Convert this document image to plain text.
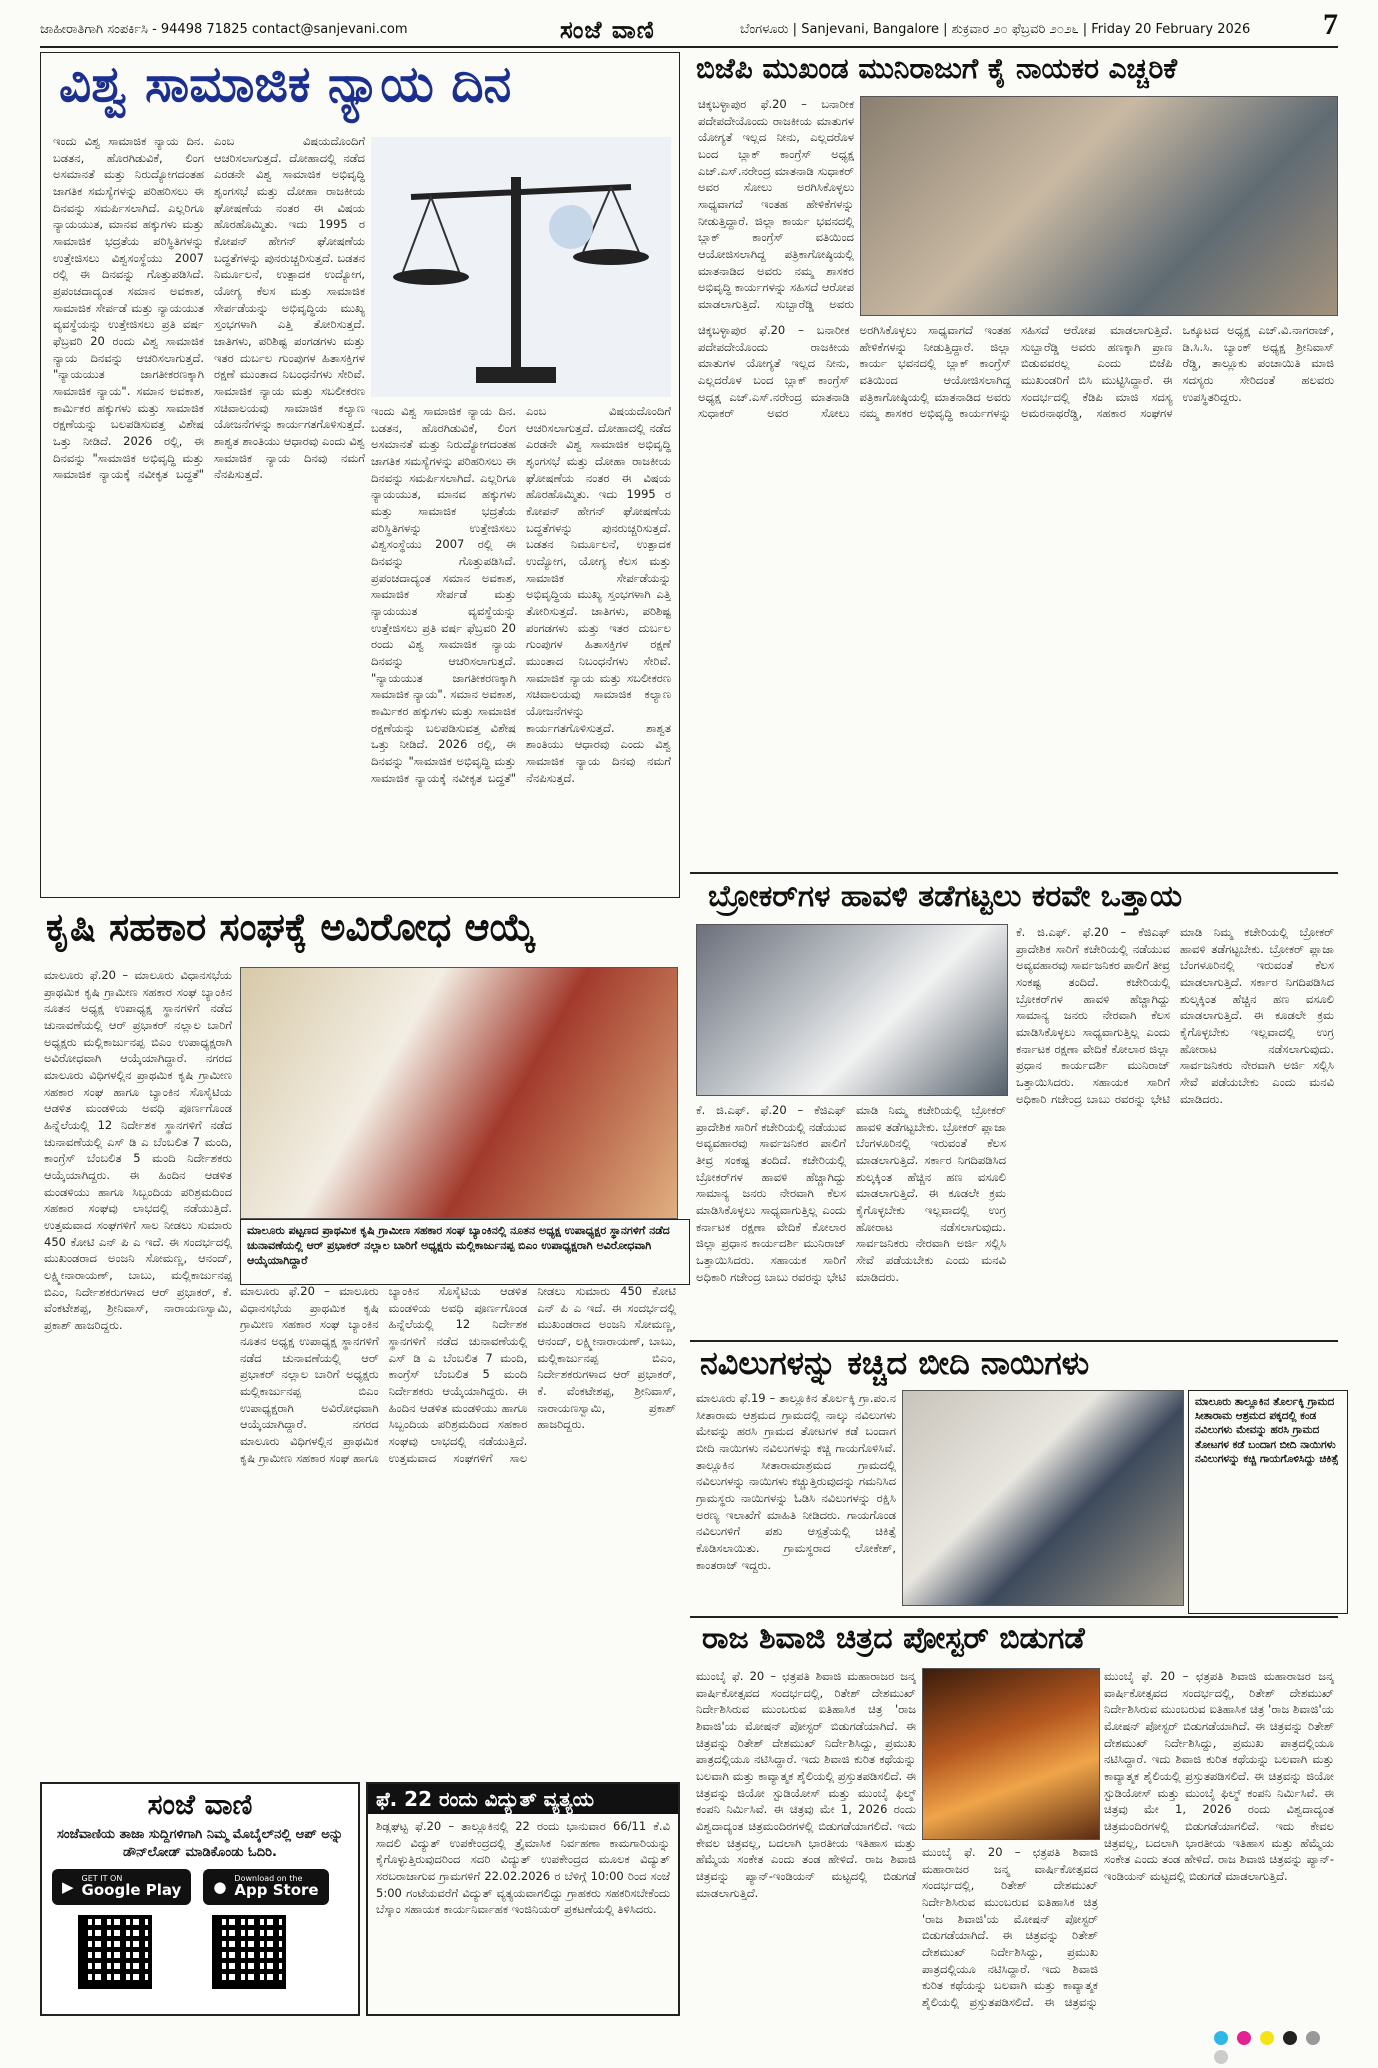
ಜಾಹೀರಾತಿಗಾಗಿ ಸಂಪರ್ಕಿಸಿ - 94498 71825 contact@sanjevani.com	ಸಂಜೆ ವಾಣಿ	ಬೆಂಗಳೂರು | Sanjevani, Bangalore | ಶುಕ್ರವಾರ ೨೦ ಫೆಬ್ರವರಿ ೨೦೨೬ | Friday 20 February 2026 7
ವಿಶ್ವ ಸಾಮಾಜಿಕ ನ್ಯಾಯ ದಿನ
ಇಂದು ವಿಶ್ವ ಸಾಮಾಜಿಕ ನ್ಯಾಯ ದಿನ. ಬಡತನ, ಹೊರಗಿಡುವಿಕೆ, ಲಿಂಗ ಅಸಮಾನತೆ ಮತ್ತು ನಿರುದ್ಯೋಗದಂತಹ ಜಾಗತಿಕ ಸಮಸ್ಯೆಗಳನ್ನು ಪರಿಹರಿಸಲು ಈ ದಿನವನ್ನು ಸಮರ್ಪಿಸಲಾಗಿದೆ. ಎಲ್ಲರಿಗೂ ನ್ಯಾಯಯುತ, ಮಾನವ ಹಕ್ಕುಗಳು ಮತ್ತು ಸಾಮಾಜಿಕ ಭದ್ರತೆಯ ಪರಿಸ್ಥಿತಿಗಳನ್ನು ಉತ್ತೇಜಿಸಲು ವಿಶ್ವಸಂಸ್ಥೆಯು 2007 ರಲ್ಲಿ ಈ ದಿನವನ್ನು ಗೊತ್ತುಪಡಿಸಿದೆ. ಪ್ರಪಂಚದಾದ್ಯಂತ ಸಮಾನ ಅವಕಾಶ, ಸಾಮಾಜಿಕ ಸೇರ್ಪಡೆ ಮತ್ತು ನ್ಯಾಯಯುತ ವ್ಯವಸ್ಥೆಯನ್ನು ಉತ್ತೇಜಿಸಲು ಪ್ರತಿ ವರ್ಷ ಫೆಬ್ರವರಿ 20 ರಂದು ವಿಶ್ವ ಸಾಮಾಜಿಕ ನ್ಯಾಯ ದಿನವನ್ನು ಆಚರಿಸಲಾಗುತ್ತದೆ. "ನ್ಯಾಯಯುತ ಜಾಗತೀಕರಣಕ್ಕಾಗಿ ಸಾಮಾಜಿಕ ನ್ಯಾಯ". ಸಮಾನ ಅವಕಾಶ, ಕಾರ್ಮಿಕರ ಹಕ್ಕುಗಳು ಮತ್ತು ಸಾಮಾಜಿಕ ರಕ್ಷಣೆಯನ್ನು ಬಲಪಡಿಸುವತ್ತ ವಿಶೇಷ ಒತ್ತು ನೀಡಿದೆ. 2026 ರಲ್ಲಿ, ಈ ದಿನವನ್ನು "ಸಾಮಾಜಿಕ ಅಭಿವೃದ್ಧಿ ಮತ್ತು ಸಾಮಾಜಿಕ ನ್ಯಾಯಕ್ಕೆ ನವೀಕೃತ ಬದ್ಧತೆ" ಎಂಬ ವಿಷಯದೊಂದಿಗೆ ಆಚರಿಸಲಾಗುತ್ತದೆ. ದೋಹಾದಲ್ಲಿ ನಡೆದ ಎರಡನೇ ವಿಶ್ವ ಸಾಮಾಜಿಕ ಅಭಿವೃದ್ಧಿ ಶೃಂಗಸಭೆ ಮತ್ತು ದೋಹಾ ರಾಜಕೀಯ ಘೋಷಣೆಯ ನಂತರ ಈ ವಿಷಯ ಹೊರಹೊಮ್ಮಿತು. ಇದು 1995 ರ ಕೋಪನ್ ಹೇಗನ್ ಘೋಷಣೆಯ ಬದ್ಧತೆಗಳನ್ನು ಪುನರುಚ್ಚರಿಸುತ್ತದೆ. ಬಡತನ ನಿರ್ಮೂಲನೆ, ಉತ್ಪಾದಕ ಉದ್ಯೋಗ, ಯೋಗ್ಯ ಕೆಲಸ ಮತ್ತು ಸಾಮಾಜಿಕ ಸೇರ್ಪಡೆಯನ್ನು ಅಭಿವೃದ್ಧಿಯ ಮುಖ್ಯ ಸ್ತಂಭಗಳಾಗಿ ಎತ್ತಿ ತೋರಿಸುತ್ತದೆ. ಜಾತಿಗಳು, ಪರಿಶಿಷ್ಟ ಪಂಗಡಗಳು ಮತ್ತು ಇತರ ದುರ್ಬಲ ಗುಂಪುಗಳ ಹಿತಾಸಕ್ತಿಗಳ ರಕ್ಷಣೆ ಮುಂತಾದ ನಿಬಂಧನೆಗಳು ಸೇರಿವೆ. ಸಾಮಾಜಿಕ ನ್ಯಾಯ ಮತ್ತು ಸಬಲೀಕರಣ ಸಚಿವಾಲಯವು ಸಾಮಾಜಿಕ ಕಲ್ಯಾಣ ಯೋಜನೆಗಳನ್ನು ಕಾರ್ಯಗತಗೊಳಿಸುತ್ತದೆ. ಶಾಶ್ವತ ಶಾಂತಿಯು ಆಧಾರವು ಎಂದು ವಿಶ್ವ ಸಾಮಾಜಿಕ ನ್ಯಾಯ ದಿನವು ನಮಗೆ ನೆನಪಿಸುತ್ತದೆ.
ಇಂದು ವಿಶ್ವ ಸಾಮಾಜಿಕ ನ್ಯಾಯ ದಿನ. ಬಡತನ, ಹೊರಗಿಡುವಿಕೆ, ಲಿಂಗ ಅಸಮಾನತೆ ಮತ್ತು ನಿರುದ್ಯೋಗದಂತಹ ಜಾಗತಿಕ ಸಮಸ್ಯೆಗಳನ್ನು ಪರಿಹರಿಸಲು ಈ ದಿನವನ್ನು ಸಮರ್ಪಿಸಲಾಗಿದೆ. ಎಲ್ಲರಿಗೂ ನ್ಯಾಯಯುತ, ಮಾನವ ಹಕ್ಕುಗಳು ಮತ್ತು ಸಾಮಾಜಿಕ ಭದ್ರತೆಯ ಪರಿಸ್ಥಿತಿಗಳನ್ನು ಉತ್ತೇಜಿಸಲು ವಿಶ್ವಸಂಸ್ಥೆಯು 2007 ರಲ್ಲಿ ಈ ದಿನವನ್ನು ಗೊತ್ತುಪಡಿಸಿದೆ. ಪ್ರಪಂಚದಾದ್ಯಂತ ಸಮಾನ ಅವಕಾಶ, ಸಾಮಾಜಿಕ ಸೇರ್ಪಡೆ ಮತ್ತು ನ್ಯಾಯಯುತ ವ್ಯವಸ್ಥೆಯನ್ನು ಉತ್ತೇಜಿಸಲು ಪ್ರತಿ ವರ್ಷ ಫೆಬ್ರವರಿ 20 ರಂದು ವಿಶ್ವ ಸಾಮಾಜಿಕ ನ್ಯಾಯ ದಿನವನ್ನು ಆಚರಿಸಲಾಗುತ್ತದೆ. "ನ್ಯಾಯಯುತ ಜಾಗತೀಕರಣಕ್ಕಾಗಿ ಸಾಮಾಜಿಕ ನ್ಯಾಯ". ಸಮಾನ ಅವಕಾಶ, ಕಾರ್ಮಿಕರ ಹಕ್ಕುಗಳು ಮತ್ತು ಸಾಮಾಜಿಕ ರಕ್ಷಣೆಯನ್ನು ಬಲಪಡಿಸುವತ್ತ ವಿಶೇಷ ಒತ್ತು ನೀಡಿದೆ. 2026 ರಲ್ಲಿ, ಈ ದಿನವನ್ನು "ಸಾಮಾಜಿಕ ಅಭಿವೃದ್ಧಿ ಮತ್ತು ಸಾಮಾಜಿಕ ನ್ಯಾಯಕ್ಕೆ ನವೀಕೃತ ಬದ್ಧತೆ" ಎಂಬ ವಿಷಯದೊಂದಿಗೆ ಆಚರಿಸಲಾಗುತ್ತದೆ. ದೋಹಾದಲ್ಲಿ ನಡೆದ ಎರಡನೇ ವಿಶ್ವ ಸಾಮಾಜಿಕ ಅಭಿವೃದ್ಧಿ ಶೃಂಗಸಭೆ ಮತ್ತು ದೋಹಾ ರಾಜಕೀಯ ಘೋಷಣೆಯ ನಂತರ ಈ ವಿಷಯ ಹೊರಹೊಮ್ಮಿತು. ಇದು 1995 ರ ಕೋಪನ್ ಹೇಗನ್ ಘೋಷಣೆಯ ಬದ್ಧತೆಗಳನ್ನು ಪುನರುಚ್ಚರಿಸುತ್ತದೆ. ಬಡತನ ನಿರ್ಮೂಲನೆ, ಉತ್ಪಾದಕ ಉದ್ಯೋಗ, ಯೋಗ್ಯ ಕೆಲಸ ಮತ್ತು ಸಾಮಾಜಿಕ ಸೇರ್ಪಡೆಯನ್ನು ಅಭಿವೃದ್ಧಿಯ ಮುಖ್ಯ ಸ್ತಂಭಗಳಾಗಿ ಎತ್ತಿ ತೋರಿಸುತ್ತದೆ. ಜಾತಿಗಳು, ಪರಿಶಿಷ್ಟ ಪಂಗಡಗಳು ಮತ್ತು ಇತರ ದುರ್ಬಲ ಗುಂಪುಗಳ ಹಿತಾಸಕ್ತಿಗಳ ರಕ್ಷಣೆ ಮುಂತಾದ ನಿಬಂಧನೆಗಳು ಸೇರಿವೆ. ಸಾಮಾಜಿಕ ನ್ಯಾಯ ಮತ್ತು ಸಬಲೀಕರಣ ಸಚಿವಾಲಯವು ಸಾಮಾಜಿಕ ಕಲ್ಯಾಣ ಯೋಜನೆಗಳನ್ನು ಕಾರ್ಯಗತಗೊಳಿಸುತ್ತದೆ. ಶಾಶ್ವತ ಶಾಂತಿಯು ಆಧಾರವು ಎಂದು ವಿಶ್ವ ಸಾಮಾಜಿಕ ನ್ಯಾಯ ದಿನವು ನಮಗೆ ನೆನಪಿಸುತ್ತದೆ.
ಬಿಜೆಪಿ ಮುಖಂಡ ಮುನಿರಾಜುಗೆ ಕೈ ನಾಯಕರ ಎಚ್ಚರಿಕೆ
ಚಿಕ್ಕಬಳ್ಳಾಪುರ ಫೆ.20 – ಬನಾರೀಕ ಪದೇಪದೇಯೊಂದು ರಾಜಕೀಯ ಮಾತುಗಳ ಯೋಗ್ಯತೆ ಇಲ್ಲದ ನೀನು, ಎಲ್ಲದರೊಳ ಬಂದ ಬ್ಲಾಕ್ ಕಾಂಗ್ರೆಸ್ ಅಧ್ಯಕ್ಷ ಎಚ್.ಎಸ್.ನರೇಂದ್ರ ಮಾತನಾಡಿ ಸುಧಾಕರ್ ಅವರ ಸೋಲು ಅರಗಿಸಿಕೊಳ್ಳಲು ಸಾಧ್ಯವಾಗದೆ ಇಂತಹ ಹೇಳಿಕೆಗಳನ್ನು ನೀಡುತ್ತಿದ್ದಾರೆ. ಜಿಲ್ಲಾ ಕಾರ್ಯ ಭವನದಲ್ಲಿ ಬ್ಲಾಕ್ ಕಾಂಗ್ರೆಸ್ ವತಿಯಿಂದ ಆಯೋಜಿಸಲಾಗಿದ್ದ ಪತ್ರಿಕಾಗೋಷ್ಠಿಯಲ್ಲಿ ಮಾತನಾಡಿದ ಅವರು ನಮ್ಮ ಶಾಸಕರ ಅಭಿವೃದ್ಧಿ ಕಾರ್ಯಗಳನ್ನು ಸಹಿಸದೆ ಆರೋಪ ಮಾಡಲಾಗುತ್ತಿದೆ. ಸುಬ್ಬಾರೆಡ್ಡಿ ಅವರು
ಚಿಕ್ಕಬಳ್ಳಾಪುರ ಫೆ.20 – ಬನಾರೀಕ ಪದೇಪದೇಯೊಂದು ರಾಜಕೀಯ ಮಾತುಗಳ ಯೋಗ್ಯತೆ ಇಲ್ಲದ ನೀನು, ಎಲ್ಲದರೊಳ ಬಂದ ಬ್ಲಾಕ್ ಕಾಂಗ್ರೆಸ್ ಅಧ್ಯಕ್ಷ ಎಚ್.ಎಸ್.ನರೇಂದ್ರ ಮಾತನಾಡಿ ಸುಧಾಕರ್ ಅವರ ಸೋಲು ಅರಗಿಸಿಕೊಳ್ಳಲು ಸಾಧ್ಯವಾಗದೆ ಇಂತಹ ಹೇಳಿಕೆಗಳನ್ನು ನೀಡುತ್ತಿದ್ದಾರೆ. ಜಿಲ್ಲಾ ಕಾರ್ಯ ಭವನದಲ್ಲಿ ಬ್ಲಾಕ್ ಕಾಂಗ್ರೆಸ್ ವತಿಯಿಂದ ಆಯೋಜಿಸಲಾಗಿದ್ದ ಪತ್ರಿಕಾಗೋಷ್ಠಿಯಲ್ಲಿ ಮಾತನಾಡಿದ ಅವರು ನಮ್ಮ ಶಾಸಕರ ಅಭಿವೃದ್ಧಿ ಕಾರ್ಯಗಳನ್ನು ಸಹಿಸದೆ ಆರೋಪ ಮಾಡಲಾಗುತ್ತಿದೆ. ಸುಬ್ಬಾರೆಡ್ಡಿ ಅವರು ಹಣಕ್ಕಾಗಿ ಪ್ರಾಣ ಬಿಡುವವರಲ್ಲ ಎಂದು ಬಿಜೆಪಿ ಮುಖಂಡರಿಗೆ ಬಿಸಿ ಮುಟ್ಟಿಸಿದ್ದಾರೆ. ಈ ಸಂದರ್ಭದಲ್ಲಿ ಕೆಡಿಪಿ ಮಾಜಿ ಸದಸ್ಯ ಅಮರನಾಥರೆಡ್ಡಿ, ಸಹಕಾರ ಸಂಘಗಳ ಒಕ್ಕೂಟದ ಅಧ್ಯಕ್ಷ ಎಚ್.ವಿ.ನಾಗರಾಜ್, ಡಿ.ಸಿ.ಸಿ. ಬ್ಯಾಂಕ್ ಅಧ್ಯಕ್ಷ ಶ್ರೀನಿವಾಸ್ ರೆಡ್ಡಿ, ತಾಲ್ಲೂಕು ಪಂಚಾಯಿತಿ ಮಾಜಿ ಸದಸ್ಯರು ಸೇರಿದಂತೆ ಹಲವರು ಉಪಸ್ಥಿತರಿದ್ದರು.
ಕೃಷಿ ಸಹಕಾರ ಸಂಘಕ್ಕೆ ಅವಿರೋಧ ಆಯ್ಕೆ
ಮಾಲೂರು ಫೆ.20 – ಮಾಲೂರು ವಿಧಾನಸಭೆಯ ಪ್ರಾಥಮಿಕ ಕೃಷಿ ಗ್ರಾಮೀಣ ಸಹಕಾರ ಸಂಘ ಬ್ಯಾಂಕಿನ ನೂತನ ಅಧ್ಯಕ್ಷ ಉಪಾಧ್ಯಕ್ಷ ಸ್ಥಾನಗಳಿಗೆ ನಡೆದ ಚುನಾವಣೆಯಲ್ಲಿ ಆರ್ ಪ್ರಭಾಕರ್ ನಲ್ಲಾಲ ಬಾರಿಗೆ ಅಧ್ಯಕ್ಷರು ಮಲ್ಲಿಕಾರ್ಜುನಪ್ಪ ಬಿಎಂ ಉಪಾಧ್ಯಕ್ಷರಾಗಿ ಅವಿರೋಧವಾಗಿ ಆಯ್ಕೆಯಾಗಿದ್ದಾರೆ. ನಗರದ ಮಾಲೂರು ವಿಧಿಗಳಲ್ಲಿನ ಪ್ರಾಥಮಿಕ ಕೃಷಿ ಗ್ರಾಮೀಣ ಸಹಕಾರ ಸಂಘ ಹಾಗೂ ಬ್ಯಾಂಕಿನ ಸೊಸೈಟಿಯ ಆಡಳಿತ ಮಂಡಳಿಯ ಅವಧಿ ಪೂರ್ಣಗೊಂಡ ಹಿನ್ನೆಲೆಯಲ್ಲಿ 12 ನಿರ್ದೇಶಕ ಸ್ಥಾನಗಳಿಗೆ ನಡೆದ ಚುನಾವಣೆಯಲ್ಲಿ ಎಸ್ ಡಿ ಎ ಬೆಂಬಲಿತ 7 ಮಂದಿ, ಕಾಂಗ್ರೆಸ್ ಬೆಂಬಲಿತ 5 ಮಂದಿ ನಿರ್ದೇಶಕರು ಆಯ್ಕೆಯಾಗಿದ್ದರು. ಈ ಹಿಂದಿನ ಆಡಳಿತ ಮಂಡಳಿಯು ಹಾಗೂ ಸಿಬ್ಬಂದಿಯ ಪರಿಶ್ರಮದಿಂದ ಸಹಕಾರ ಸಂಘವು ಲಾಭದಲ್ಲಿ ನಡೆಯುತ್ತಿದೆ. ಉತ್ತಮವಾದ ಸಂಘಗಳಿಗೆ ಸಾಲ ನೀಡಲು ಸುಮಾರು 450 ಕೋಟಿ ಎನ್ ಪಿ ಎ ಇದೆ. ಈ ಸಂದರ್ಭದಲ್ಲಿ ಮುಖಂಡರಾದ ಅಂಜನಿ ಸೋಮಣ್ಣ, ಆನಂದ್, ಲಕ್ಷ್ಮೀನಾರಾಯಣ್, ಬಾಬು, ಮಲ್ಲಿಕಾರ್ಜುನಪ್ಪ ಬಿಎಂ, ನಿರ್ದೇಶಕರುಗಳಾದ ಆರ್ ಪ್ರಭಾಕರ್, ಕೆ. ವೆಂಕಟೇಶಪ್ಪ, ಶ್ರೀನಿವಾಸ್, ನಾರಾಯಣಸ್ವಾಮಿ, ಪ್ರಕಾಶ್ ಹಾಜರಿದ್ದರು.
ಮಾಲೂರು ಪಟ್ಟಣದ ಪ್ರಾಥಮಿಕ ಕೃಷಿ ಗ್ರಾಮೀಣ ಸಹಕಾರ ಸಂಘ ಬ್ಯಾಂಕಿನಲ್ಲಿ ನೂತನ ಅಧ್ಯಕ್ಷ ಉಪಾಧ್ಯಕ್ಷರ ಸ್ಥಾನಗಳಿಗೆ ನಡೆದ ಚುನಾವಣೆಯಲ್ಲಿ ಆರ್ ಪ್ರಭಾಕರ್ ನಲ್ಲಾಲ ಬಾರಿಗೆ ಅಧ್ಯಕ್ಷರು ಮಲ್ಲಿಕಾರ್ಜುನಪ್ಪ ಬಿಎಂ ಉಪಾಧ್ಯಕ್ಷರಾಗಿ ಅವಿರೋಧವಾಗಿ ಆಯ್ಕೆಯಾಗಿದ್ದಾರೆ
ಮಾಲೂರು ಫೆ.20 – ಮಾಲೂರು ವಿಧಾನಸಭೆಯ ಪ್ರಾಥಮಿಕ ಕೃಷಿ ಗ್ರಾಮೀಣ ಸಹಕಾರ ಸಂಘ ಬ್ಯಾಂಕಿನ ನೂತನ ಅಧ್ಯಕ್ಷ ಉಪಾಧ್ಯಕ್ಷ ಸ್ಥಾನಗಳಿಗೆ ನಡೆದ ಚುನಾವಣೆಯಲ್ಲಿ ಆರ್ ಪ್ರಭಾಕರ್ ನಲ್ಲಾಲ ಬಾರಿಗೆ ಅಧ್ಯಕ್ಷರು ಮಲ್ಲಿಕಾರ್ಜುನಪ್ಪ ಬಿಎಂ ಉಪಾಧ್ಯಕ್ಷರಾಗಿ ಅವಿರೋಧವಾಗಿ ಆಯ್ಕೆಯಾಗಿದ್ದಾರೆ. ನಗರದ ಮಾಲೂರು ವಿಧಿಗಳಲ್ಲಿನ ಪ್ರಾಥಮಿಕ ಕೃಷಿ ಗ್ರಾಮೀಣ ಸಹಕಾರ ಸಂಘ ಹಾಗೂ ಬ್ಯಾಂಕಿನ ಸೊಸೈಟಿಯ ಆಡಳಿತ ಮಂಡಳಿಯ ಅವಧಿ ಪೂರ್ಣಗೊಂಡ ಹಿನ್ನೆಲೆಯಲ್ಲಿ 12 ನಿರ್ದೇಶಕ ಸ್ಥಾನಗಳಿಗೆ ನಡೆದ ಚುನಾವಣೆಯಲ್ಲಿ ಎಸ್ ಡಿ ಎ ಬೆಂಬಲಿತ 7 ಮಂದಿ, ಕಾಂಗ್ರೆಸ್ ಬೆಂಬಲಿತ 5 ಮಂದಿ ನಿರ್ದೇಶಕರು ಆಯ್ಕೆಯಾಗಿದ್ದರು. ಈ ಹಿಂದಿನ ಆಡಳಿತ ಮಂಡಳಿಯು ಹಾಗೂ ಸಿಬ್ಬಂದಿಯ ಪರಿಶ್ರಮದಿಂದ ಸಹಕಾರ ಸಂಘವು ಲಾಭದಲ್ಲಿ ನಡೆಯುತ್ತಿದೆ. ಉತ್ತಮವಾದ ಸಂಘಗಳಿಗೆ ಸಾಲ ನೀಡಲು ಸುಮಾರು 450 ಕೋಟಿ ಎನ್ ಪಿ ಎ ಇದೆ. ಈ ಸಂದರ್ಭದಲ್ಲಿ ಮುಖಂಡರಾದ ಅಂಜನಿ ಸೋಮಣ್ಣ, ಆನಂದ್, ಲಕ್ಷ್ಮೀನಾರಾಯಣ್, ಬಾಬು, ಮಲ್ಲಿಕಾರ್ಜುನಪ್ಪ ಬಿಎಂ, ನಿರ್ದೇಶಕರುಗಳಾದ ಆರ್ ಪ್ರಭಾಕರ್, ಕೆ. ವೆಂಕಟೇಶಪ್ಪ, ಶ್ರೀನಿವಾಸ್, ನಾರಾಯಣಸ್ವಾಮಿ, ಪ್ರಕಾಶ್ ಹಾಜರಿದ್ದರು.
ಬ್ರೋಕರ್‌ಗಳ ಹಾವಳಿ ತಡೆಗಟ್ಟಲು ಕರವೇ ಒತ್ತಾಯ
ಕೆ. ಜಿ.ಎಫ್. ಫೆ.20 – ಕೆಜಿಎಫ್ ಪ್ರಾದೇಶಿಕ ಸಾರಿಗೆ ಕಚೇರಿಯಲ್ಲಿ ನಡೆಯುವ ಅವ್ಯವಹಾರವು ಸಾರ್ವಜನಿಕರ ಪಾಲಿಗೆ ತೀವ್ರ ಸಂಕಷ್ಟ ತಂದಿದೆ. ಕಚೇರಿಯಲ್ಲಿ ಬ್ರೋಕರ್‌ಗಳ ಹಾವಳಿ ಹೆಚ್ಚಾಗಿದ್ದು ಸಾಮಾನ್ಯ ಜನರು ನೇರವಾಗಿ ಕೆಲಸ ಮಾಡಿಸಿಕೊಳ್ಳಲು ಸಾಧ್ಯವಾಗುತ್ತಿಲ್ಲ ಎಂದು ಕರ್ನಾಟಕ ರಕ್ಷಣಾ ವೇದಿಕೆ ಕೋಲಾರ ಜಿಲ್ಲಾ ಪ್ರಧಾನ ಕಾರ್ಯದರ್ಶಿ ಮುನಿರಾಜ್ ಒತ್ತಾಯಿಸಿದರು. ಸಹಾಯಕ ಸಾರಿಗೆ ಅಧಿಕಾರಿ ಗಜೇಂದ್ರ ಬಾಬು ರವರನ್ನು ಭೇಟಿ ಮಾಡಿ ನಿಮ್ಮ ಕಚೇರಿಯಲ್ಲಿ ಬ್ರೋಕರ್ ಹಾವಳಿ ತಡೆಗಟ್ಟಬೇಕು. ಬ್ರೋಕರ್ ಪ್ಲಾಜಾ ಬೆಂಗಳೂರಿನಲ್ಲಿ ಇರುವಂತೆ ಕೆಲಸ ಮಾಡಲಾಗುತ್ತಿದೆ. ಸರ್ಕಾರ ನಿಗದಿಪಡಿಸಿದ ಶುಲ್ಕಕ್ಕಿಂತ ಹೆಚ್ಚಿನ ಹಣ ವಸೂಲಿ ಮಾಡಲಾಗುತ್ತಿದೆ. ಈ ಕೂಡಲೇ ಕ್ರಮ ಕೈಗೊಳ್ಳಬೇಕು ಇಲ್ಲವಾದಲ್ಲಿ ಉಗ್ರ ಹೋರಾಟ ನಡೆಸಲಾಗುವುದು. ಸಾರ್ವಜನಿಕರು ನೇರವಾಗಿ ಅರ್ಜಿ ಸಲ್ಲಿಸಿ ಸೇವೆ ಪಡೆಯಬೇಕು ಎಂದು ಮನವಿ ಮಾಡಿದರು.
ಕೆ. ಜಿ.ಎಫ್. ಫೆ.20 – ಕೆಜಿಎಫ್ ಪ್ರಾದೇಶಿಕ ಸಾರಿಗೆ ಕಚೇರಿಯಲ್ಲಿ ನಡೆಯುವ ಅವ್ಯವಹಾರವು ಸಾರ್ವಜನಿಕರ ಪಾಲಿಗೆ ತೀವ್ರ ಸಂಕಷ್ಟ ತಂದಿದೆ. ಕಚೇರಿಯಲ್ಲಿ ಬ್ರೋಕರ್‌ಗಳ ಹಾವಳಿ ಹೆಚ್ಚಾಗಿದ್ದು ಸಾಮಾನ್ಯ ಜನರು ನೇರವಾಗಿ ಕೆಲಸ ಮಾಡಿಸಿಕೊಳ್ಳಲು ಸಾಧ್ಯವಾಗುತ್ತಿಲ್ಲ ಎಂದು ಕರ್ನಾಟಕ ರಕ್ಷಣಾ ವೇದಿಕೆ ಕೋಲಾರ ಜಿಲ್ಲಾ ಪ್ರಧಾನ ಕಾರ್ಯದರ್ಶಿ ಮುನಿರಾಜ್ ಒತ್ತಾಯಿಸಿದರು. ಸಹಾಯಕ ಸಾರಿಗೆ ಅಧಿಕಾರಿ ಗಜೇಂದ್ರ ಬಾಬು ರವರನ್ನು ಭೇಟಿ ಮಾಡಿ ನಿಮ್ಮ ಕಚೇರಿಯಲ್ಲಿ ಬ್ರೋಕರ್ ಹಾವಳಿ ತಡೆಗಟ್ಟಬೇಕು. ಬ್ರೋಕರ್ ಪ್ಲಾಜಾ ಬೆಂಗಳೂರಿನಲ್ಲಿ ಇರುವಂತೆ ಕೆಲಸ ಮಾಡಲಾಗುತ್ತಿದೆ. ಸರ್ಕಾರ ನಿಗದಿಪಡಿಸಿದ ಶುಲ್ಕಕ್ಕಿಂತ ಹೆಚ್ಚಿನ ಹಣ ವಸೂಲಿ ಮಾಡಲಾಗುತ್ತಿದೆ. ಈ ಕೂಡಲೇ ಕ್ರಮ ಕೈಗೊಳ್ಳಬೇಕು ಇಲ್ಲವಾದಲ್ಲಿ ಉಗ್ರ ಹೋರಾಟ ನಡೆಸಲಾಗುವುದು. ಸಾರ್ವಜನಿಕರು ನೇರವಾಗಿ ಅರ್ಜಿ ಸಲ್ಲಿಸಿ ಸೇವೆ ಪಡೆಯಬೇಕು ಎಂದು ಮನವಿ ಮಾಡಿದರು.
ನವಿಲುಗಳನ್ನು ಕಚ್ಚಿದ ಬೀದಿ ನಾಯಿಗಳು
ಮಾಲೂರು ಫೆ.19 – ತಾಲ್ಲೂಕಿನ ತೊರ್ಲಕ್ಕಿ ಗ್ರಾ.ಪಂ.ನ ಸೀತಾರಾಮ ಆಶ್ರಮದ ಗ್ರಾಮದಲ್ಲಿ ನಾಲ್ಕು ನವಿಲುಗಳು ಮೇವನ್ನು ಹರಸಿ ಗ್ರಾಮದ ತೋಟಗಳ ಕಡೆ ಬಂದಾಗ ಬೀದಿ ನಾಯಿಗಳು ನವಿಲುಗಳನ್ನು ಕಚ್ಚಿ ಗಾಯಗೊಳಿಸಿವೆ. ತಾಲ್ಲೂಕಿನ ಸೀತಾರಾಮಾಶ್ರಮದ ಗ್ರಾಮದಲ್ಲಿ ನವಿಲುಗಳನ್ನು ನಾಯಿಗಳು ಕಚ್ಚುತ್ತಿರುವುದನ್ನು ಗಮನಿಸಿದ ಗ್ರಾಮಸ್ಥರು ನಾಯಿಗಳನ್ನು ಓಡಿಸಿ ನವಿಲುಗಳನ್ನು ರಕ್ಷಿಸಿ ಅರಣ್ಯ ಇಲಾಖೆಗೆ ಮಾಹಿತಿ ನೀಡಿದರು. ಗಾಯಗೊಂಡ ನವಿಲುಗಳಿಗೆ ಪಶು ಆಸ್ಪತ್ರೆಯಲ್ಲಿ ಚಿಕಿತ್ಸೆ ಕೊಡಿಸಲಾಯಿತು. ಗ್ರಾಮಸ್ಥರಾದ ಲೋಕೇಶ್, ಕಾಂತರಾಜ್ ಇದ್ದರು.
ಮಾಲೂರು ತಾಲ್ಲೂಕಿನ ತೊರ್ಲಕ್ಕಿ ಗ್ರಾಮದ ಸೀತಾರಾಮ ಆಶ್ರಮದ ಪಕ್ಕದಲ್ಲಿ ಕಂಡ ನವಿಲುಗಳು ಮೇವನ್ನು ಹರಸಿ ಗ್ರಾಮದ ತೋಟಗಳ ಕಡೆ ಬಂದಾಗ ಬೀದಿ ನಾಯಿಗಳು ನವಿಲುಗಳನ್ನು ಕಚ್ಚಿ ಗಾಯಗೊಳಿಸಿದ್ದು ಚಿಕಿತ್ಸೆ
ರಾಜ ಶಿವಾಜಿ ಚಿತ್ರದ ಪೋಸ್ಟರ್ ಬಿಡುಗಡೆ
ಮುಂಬೈ ಫೆ. 20 – ಛತ್ರಪತಿ ಶಿವಾಜಿ ಮಹಾರಾಜರ ಜನ್ಮ ವಾರ್ಷಿಕೋತ್ಸವದ ಸಂದರ್ಭದಲ್ಲಿ, ರಿತೇಶ್ ದೇಶಮುಖ್ ನಿರ್ದೇಶಿಸಿರುವ ಮುಂಬರುವ ಐತಿಹಾಸಿಕ ಚಿತ್ರ 'ರಾಜ ಶಿವಾಜಿ'ಯ ಮೋಷನ್ ಪೋಸ್ಟರ್ ಬಿಡುಗಡೆಯಾಗಿದೆ. ಈ ಚಿತ್ರವನ್ನು ರಿತೇಶ್ ದೇಶಮುಖ್ ನಿರ್ದೇಶಿಸಿದ್ದು, ಪ್ರಮುಖ ಪಾತ್ರದಲ್ಲಿಯೂ ನಟಿಸಿದ್ದಾರೆ. ಇದು ಶಿವಾಜಿ ಕುರಿತ ಕಥೆಯನ್ನು ಬಲವಾಗಿ ಮತ್ತು ಕಾವ್ಯಾತ್ಮಕ ಶೈಲಿಯಲ್ಲಿ ಪ್ರಸ್ತುತಪಡಿಸಲಿದೆ. ಈ ಚಿತ್ರವನ್ನು ಜಿಯೋ ಸ್ಟುಡಿಯೋಸ್ ಮತ್ತು ಮುಂಬೈ ಫಿಲ್ಮ್ ಕಂಪನಿ ನಿರ್ಮಿಸಿವೆ. ಈ ಚಿತ್ರವು ಮೇ 1, 2026 ರಂದು ವಿಶ್ವದಾದ್ಯಂತ ಚಿತ್ರಮಂದಿರಗಳಲ್ಲಿ ಬಿಡುಗಡೆಯಾಗಲಿದೆ. ಇದು ಕೇವಲ ಚಿತ್ರವಲ್ಲ, ಬದಲಾಗಿ ಭಾರತೀಯ ಇತಿಹಾಸ ಮತ್ತು ಹೆಮ್ಮೆಯ ಸಂಕೇತ ಎಂದು ತಂಡ ಹೇಳಿದೆ. ರಾಜ ಶಿವಾಜಿ ಚಿತ್ರವನ್ನು ಪ್ಯಾನ್-ಇಂಡಿಯನ್ ಮಟ್ಟದಲ್ಲಿ ಬಿಡುಗಡೆ ಮಾಡಲಾಗುತ್ತಿದೆ.
ಮುಂಬೈ ಫೆ. 20 – ಛತ್ರಪತಿ ಶಿವಾಜಿ ಮಹಾರಾಜರ ಜನ್ಮ ವಾರ್ಷಿಕೋತ್ಸವದ ಸಂದರ್ಭದಲ್ಲಿ, ರಿತೇಶ್ ದೇಶಮುಖ್ ನಿರ್ದೇಶಿಸಿರುವ ಮುಂಬರುವ ಐತಿಹಾಸಿಕ ಚಿತ್ರ 'ರಾಜ ಶಿವಾಜಿ'ಯ ಮೋಷನ್ ಪೋಸ್ಟರ್ ಬಿಡುಗಡೆಯಾಗಿದೆ. ಈ ಚಿತ್ರವನ್ನು ರಿತೇಶ್ ದೇಶಮುಖ್ ನಿರ್ದೇಶಿಸಿದ್ದು, ಪ್ರಮುಖ ಪಾತ್ರದಲ್ಲಿಯೂ ನಟಿಸಿದ್ದಾರೆ. ಇದು ಶಿವಾಜಿ ಕುರಿತ ಕಥೆಯನ್ನು ಬಲವಾಗಿ ಮತ್ತು ಕಾವ್ಯಾತ್ಮಕ ಶೈಲಿಯಲ್ಲಿ ಪ್ರಸ್ತುತಪಡಿಸಲಿದೆ. ಈ ಚಿತ್ರವನ್ನು
ಮುಂಬೈ ಫೆ. 20 – ಛತ್ರಪತಿ ಶಿವಾಜಿ ಮಹಾರಾಜರ ಜನ್ಮ ವಾರ್ಷಿಕೋತ್ಸವದ ಸಂದರ್ಭದಲ್ಲಿ, ರಿತೇಶ್ ದೇಶಮುಖ್ ನಿರ್ದೇಶಿಸಿರುವ ಮುಂಬರುವ ಐತಿಹಾಸಿಕ ಚಿತ್ರ 'ರಾಜ ಶಿವಾಜಿ'ಯ ಮೋಷನ್ ಪೋಸ್ಟರ್ ಬಿಡುಗಡೆಯಾಗಿದೆ. ಈ ಚಿತ್ರವನ್ನು ರಿತೇಶ್ ದೇಶಮುಖ್ ನಿರ್ದೇಶಿಸಿದ್ದು, ಪ್ರಮುಖ ಪಾತ್ರದಲ್ಲಿಯೂ ನಟಿಸಿದ್ದಾರೆ. ಇದು ಶಿವಾಜಿ ಕುರಿತ ಕಥೆಯನ್ನು ಬಲವಾಗಿ ಮತ್ತು ಕಾವ್ಯಾತ್ಮಕ ಶೈಲಿಯಲ್ಲಿ ಪ್ರಸ್ತುತಪಡಿಸಲಿದೆ. ಈ ಚಿತ್ರವನ್ನು ಜಿಯೋ ಸ್ಟುಡಿಯೋಸ್ ಮತ್ತು ಮುಂಬೈ ಫಿಲ್ಮ್ ಕಂಪನಿ ನಿರ್ಮಿಸಿವೆ. ಈ ಚಿತ್ರವು ಮೇ 1, 2026 ರಂದು ವಿಶ್ವದಾದ್ಯಂತ ಚಿತ್ರಮಂದಿರಗಳಲ್ಲಿ ಬಿಡುಗಡೆಯಾಗಲಿದೆ. ಇದು ಕೇವಲ ಚಿತ್ರವಲ್ಲ, ಬದಲಾಗಿ ಭಾರತೀಯ ಇತಿಹಾಸ ಮತ್ತು ಹೆಮ್ಮೆಯ ಸಂಕೇತ ಎಂದು ತಂಡ ಹೇಳಿದೆ. ರಾಜ ಶಿವಾಜಿ ಚಿತ್ರವನ್ನು ಪ್ಯಾನ್-ಇಂಡಿಯನ್ ಮಟ್ಟದಲ್ಲಿ ಬಿಡುಗಡೆ ಮಾಡಲಾಗುತ್ತಿದೆ.
ಸಂಜೆ ವಾಣಿ
ಸಂಜೆವಾಣಿಯ ತಾಜಾ ಸುದ್ದಿಗಳಿಗಾಗಿ ನಿಮ್ಮ ಮೊಬೈಲ್‌ನಲ್ಲಿ ಆಪ್ ಅನ್ನು ಡೌನ್‌ಲೋಡ್ ಮಾಡಿಕೊಂಡು ಓದಿರಿ.
▶ GET IT ON
Google Play ● Download on the
App Store
ಫೆ. 22 ರಂದು ವಿದ್ಯುತ್ ವ್ಯತ್ಯಯ
ಶಿಡ್ಲಘಟ್ಟ ಫೆ.20 – ತಾಲ್ಲೂಕಿನಲ್ಲಿ 22 ರಂದು ಭಾನುವಾರ 66/11 ಕೆ.ವಿ ಸಾದಲಿ ವಿದ್ಯುತ್ ಉಪಕೇಂದ್ರದಲ್ಲಿ ತ್ರೈಮಾಸಿಕ ನಿರ್ವಹಣಾ ಕಾಮಗಾರಿಯನ್ನು ಕೈಗೊಳ್ಳುತ್ತಿರುವುದರಿಂದ ಸದರಿ ವಿದ್ಯುತ್ ಉಪಕೇಂದ್ರದ ಮೂಲಕ ವಿದ್ಯುತ್ ಸರಬರಾಜಾಗುವ ಗ್ರಾಮಗಳಿಗೆ 22.02.2026 ರ ಬೆಳಿಗ್ಗೆ 10:00 ರಿಂದ ಸಂಜೆ 5:00 ಗಂಟೆಯವರೆಗೆ ವಿದ್ಯುತ್ ವ್ಯತ್ಯಯವಾಗಲಿದ್ದು ಗ್ರಾಹಕರು ಸಹಕರಿಸಬೇಕೆಂದು ಬೆಸ್ಕಾಂ ಸಹಾಯಕ ಕಾರ್ಯನಿರ್ವಾಹಕ ಇಂಜಿನಿಯರ್ ಪ್ರಕಟಣೆಯಲ್ಲಿ ತಿಳಿಸಿದರು.
